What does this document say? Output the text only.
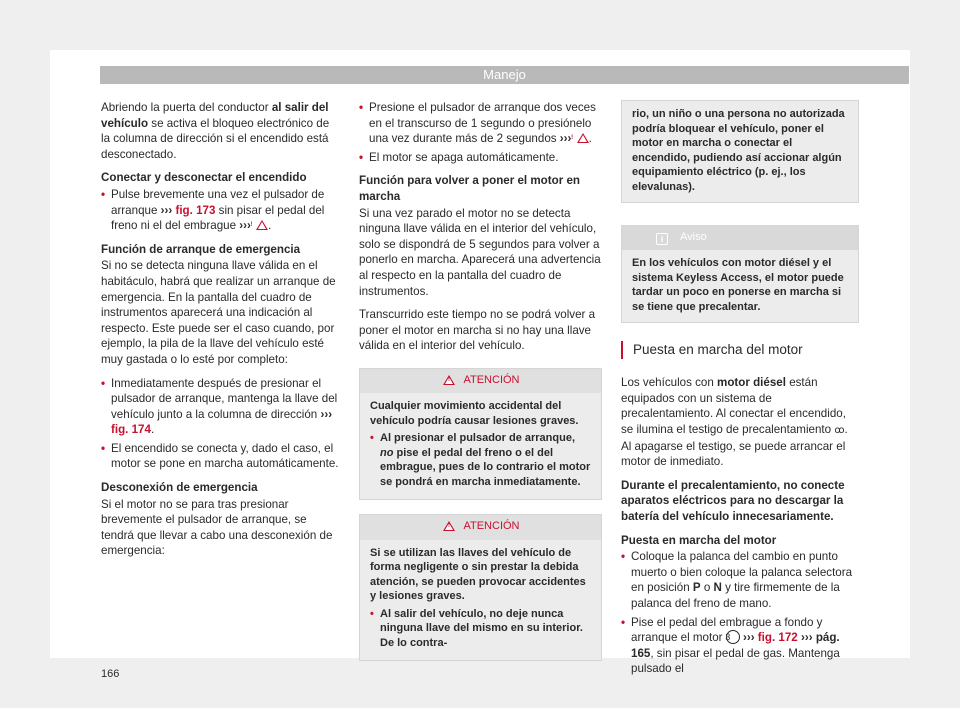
Manejo

Abriendo la puerta del conductor al salir del vehículo se activa el bloqueo electrónico de la columna de dirección si el encendido está desconectado.

Conectar y desconectar el encendido

• Pulse brevemente una vez el pulsador de arranque ››› fig. 173 sin pisar el pedal del freno ni el del embrague ››› ! .

Función de arranque de emergencia

Si no se detecta ninguna llave válida en el habitáculo, habrá que realizar un arranque de emergencia. En la pantalla del cuadro de instrumentos aparecerá una indicación al respecto. Este puede ser el caso cuando, por ejemplo, la pila de la llave del vehículo esté muy gastada o lo esté por completo:

• Inmediatamente después de presionar el pulsador de arranque, mantenga la llave del vehículo junto a la columna de dirección ››› fig. 174.
• El encendido se conecta y, dado el caso, el motor se pone en marcha automáticamente.

Desconexión de emergencia

Si el motor no se para tras presionar brevemente el pulsador de arranque, se tendrá que llevar a cabo una desconexión de emergencia:

• Presione el pulsador de arranque dos veces en el transcurso de 1 segundo o presiónelo una vez durante más de 2 segundos ››› ! .
• El motor se apaga automáticamente.

Función para volver a poner el motor en marcha

Si una vez parado el motor no se detecta ninguna llave válida en el interior del vehículo, solo se dispondrá de 5 segundos para volver a ponerlo en marcha. Aparecerá una advertencia al respecto en la pantalla del cuadro de instrumentos.

Transcurrido este tiempo no se podrá volver a poner el motor en marcha si no hay una llave válida en el interior del vehículo.

!ATENCIÓN

Cualquier movimiento accidental del vehículo podría causar lesiones graves.

• Al presionar el pulsador de arranque, no pise el pedal del freno o el del embrague, pues de lo contrario el motor se pondrá en marcha inmediatamente.
!ATENCIÓN

Si se utilizan las llaves del vehículo de forma negligente o sin prestar la debida atención, se pueden provocar accidentes y lesiones graves.

• Al salir del vehículo, no deje nunca ninguna llave del mismo en su interior. De lo contra-
rio, un niño o una persona no autorizada podría bloquear el vehículo, poner el motor en marcha o conectar el encendido, pudiendo así accionar algún equipamiento eléctrico (p. ej., los elevalunas).
i Aviso
En los vehículos con motor diésel y el sistema Keyless Access, el motor puede tardar un poco en ponerse en marcha si se tiene que precalentar.
Puesta en marcha del motor

Los vehículos con motor diésel están equipados con un sistema de precalentamiento. Al conectar el encendido, se ilumina el testigo de precalentamiento ꝏ. Al apagarse el testigo, se puede arrancar el motor de inmediato.

Durante el precalentamiento, no conecte aparatos eléctricos para no descargar la batería del vehículo innecesariamente.

Puesta en marcha del motor

• Coloque la palanca del cambio en punto muerto o bien coloque la palanca selectora en posición P o N y tire firmemente de la palanca del freno de mano.
• Pise el pedal del embrague a fondo y arranque el motor 3 ››› fig. 172 ››› pág. 165, sin pisar el pedal de gas. Mantenga pulsado el
166
